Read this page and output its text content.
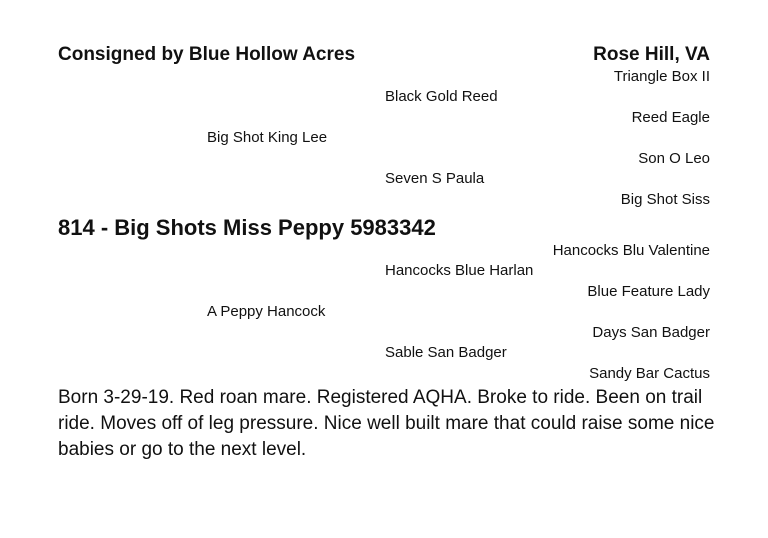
Consigned by Blue Hollow Acres	Rose Hill, VA
Triangle Box II
Black Gold Reed
Reed Eagle
Big Shot King Lee
Son O Leo
Seven S Paula
Big Shot Siss
814 - Big Shots Miss Peppy 5983342
Hancocks Blu Valentine
Hancocks Blue Harlan
Blue Feature Lady
A Peppy Hancock
Days San Badger
Sable San Badger
Sandy Bar Cactus
Born 3-29-19. Red roan mare. Registered AQHA. Broke to ride. Been on trail ride. Moves off of leg pressure. Nice well built mare that could raise some nice babies or go to the next level.
